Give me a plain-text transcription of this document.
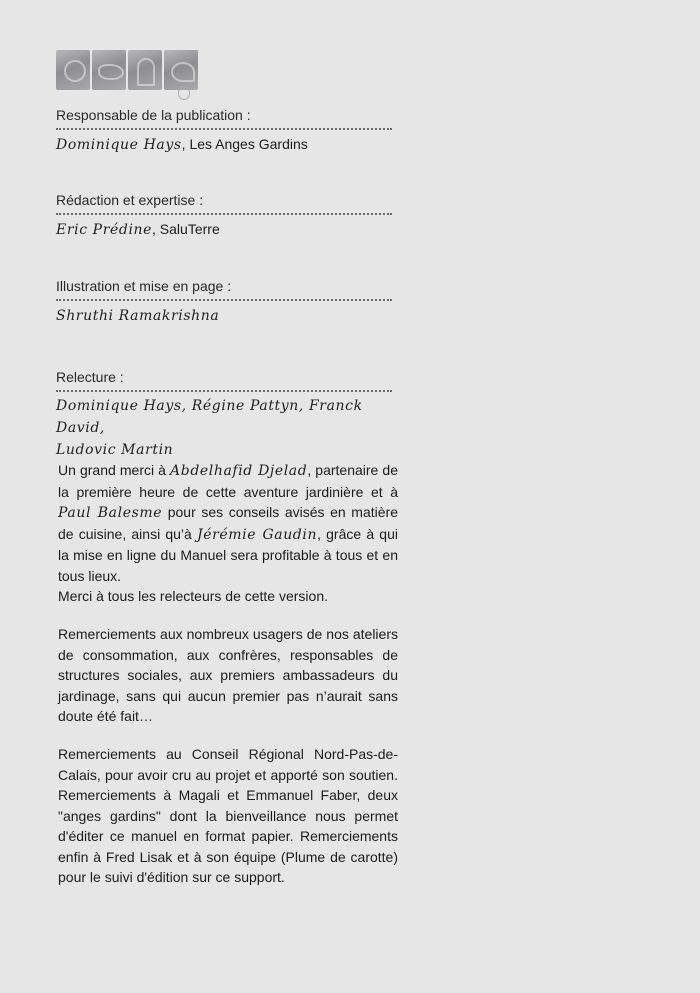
Responsable de la publication :
Dominique Hays, Les Anges Gardins
Rédaction et expertise :
Eric Prédine, SaluTerre
Illustration et mise en page :
Shruthi Ramakrishna
Relecture :
Dominique Hays, Régine Pattyn, Franck David,
Ludovic Martin

Un grand merci à Abdelhafid Djelad, partenaire de la première heure de cette aventure jardinière et à Paul Balesme pour ses conseils avisés en matière de cuisine, ainsi qu’à Jérémie Gaudin, grâce à qui la mise en ligne du Manuel sera profitable à tous et en tous lieux.

Merci à tous les relecteurs de cette version.

Remerciements aux nombreux usagers de nos ateliers de consommation, aux confrères, responsables de structures sociales, aux premiers ambassadeurs du jardinage, sans qui aucun premier pas n’aurait sans doute été fait…

Remerciements au Conseil Régional Nord-Pas-de-Calais, pour avoir cru au projet et apporté son soutien. Remerciements à Magali et Emmanuel Faber, deux "anges gardins" dont la bienveillance nous permet d'éditer ce manuel en format papier. Remerciements enfin à Fred Lisak et à son équipe (Plume de carotte) pour le suivi d'édition sur ce support.
